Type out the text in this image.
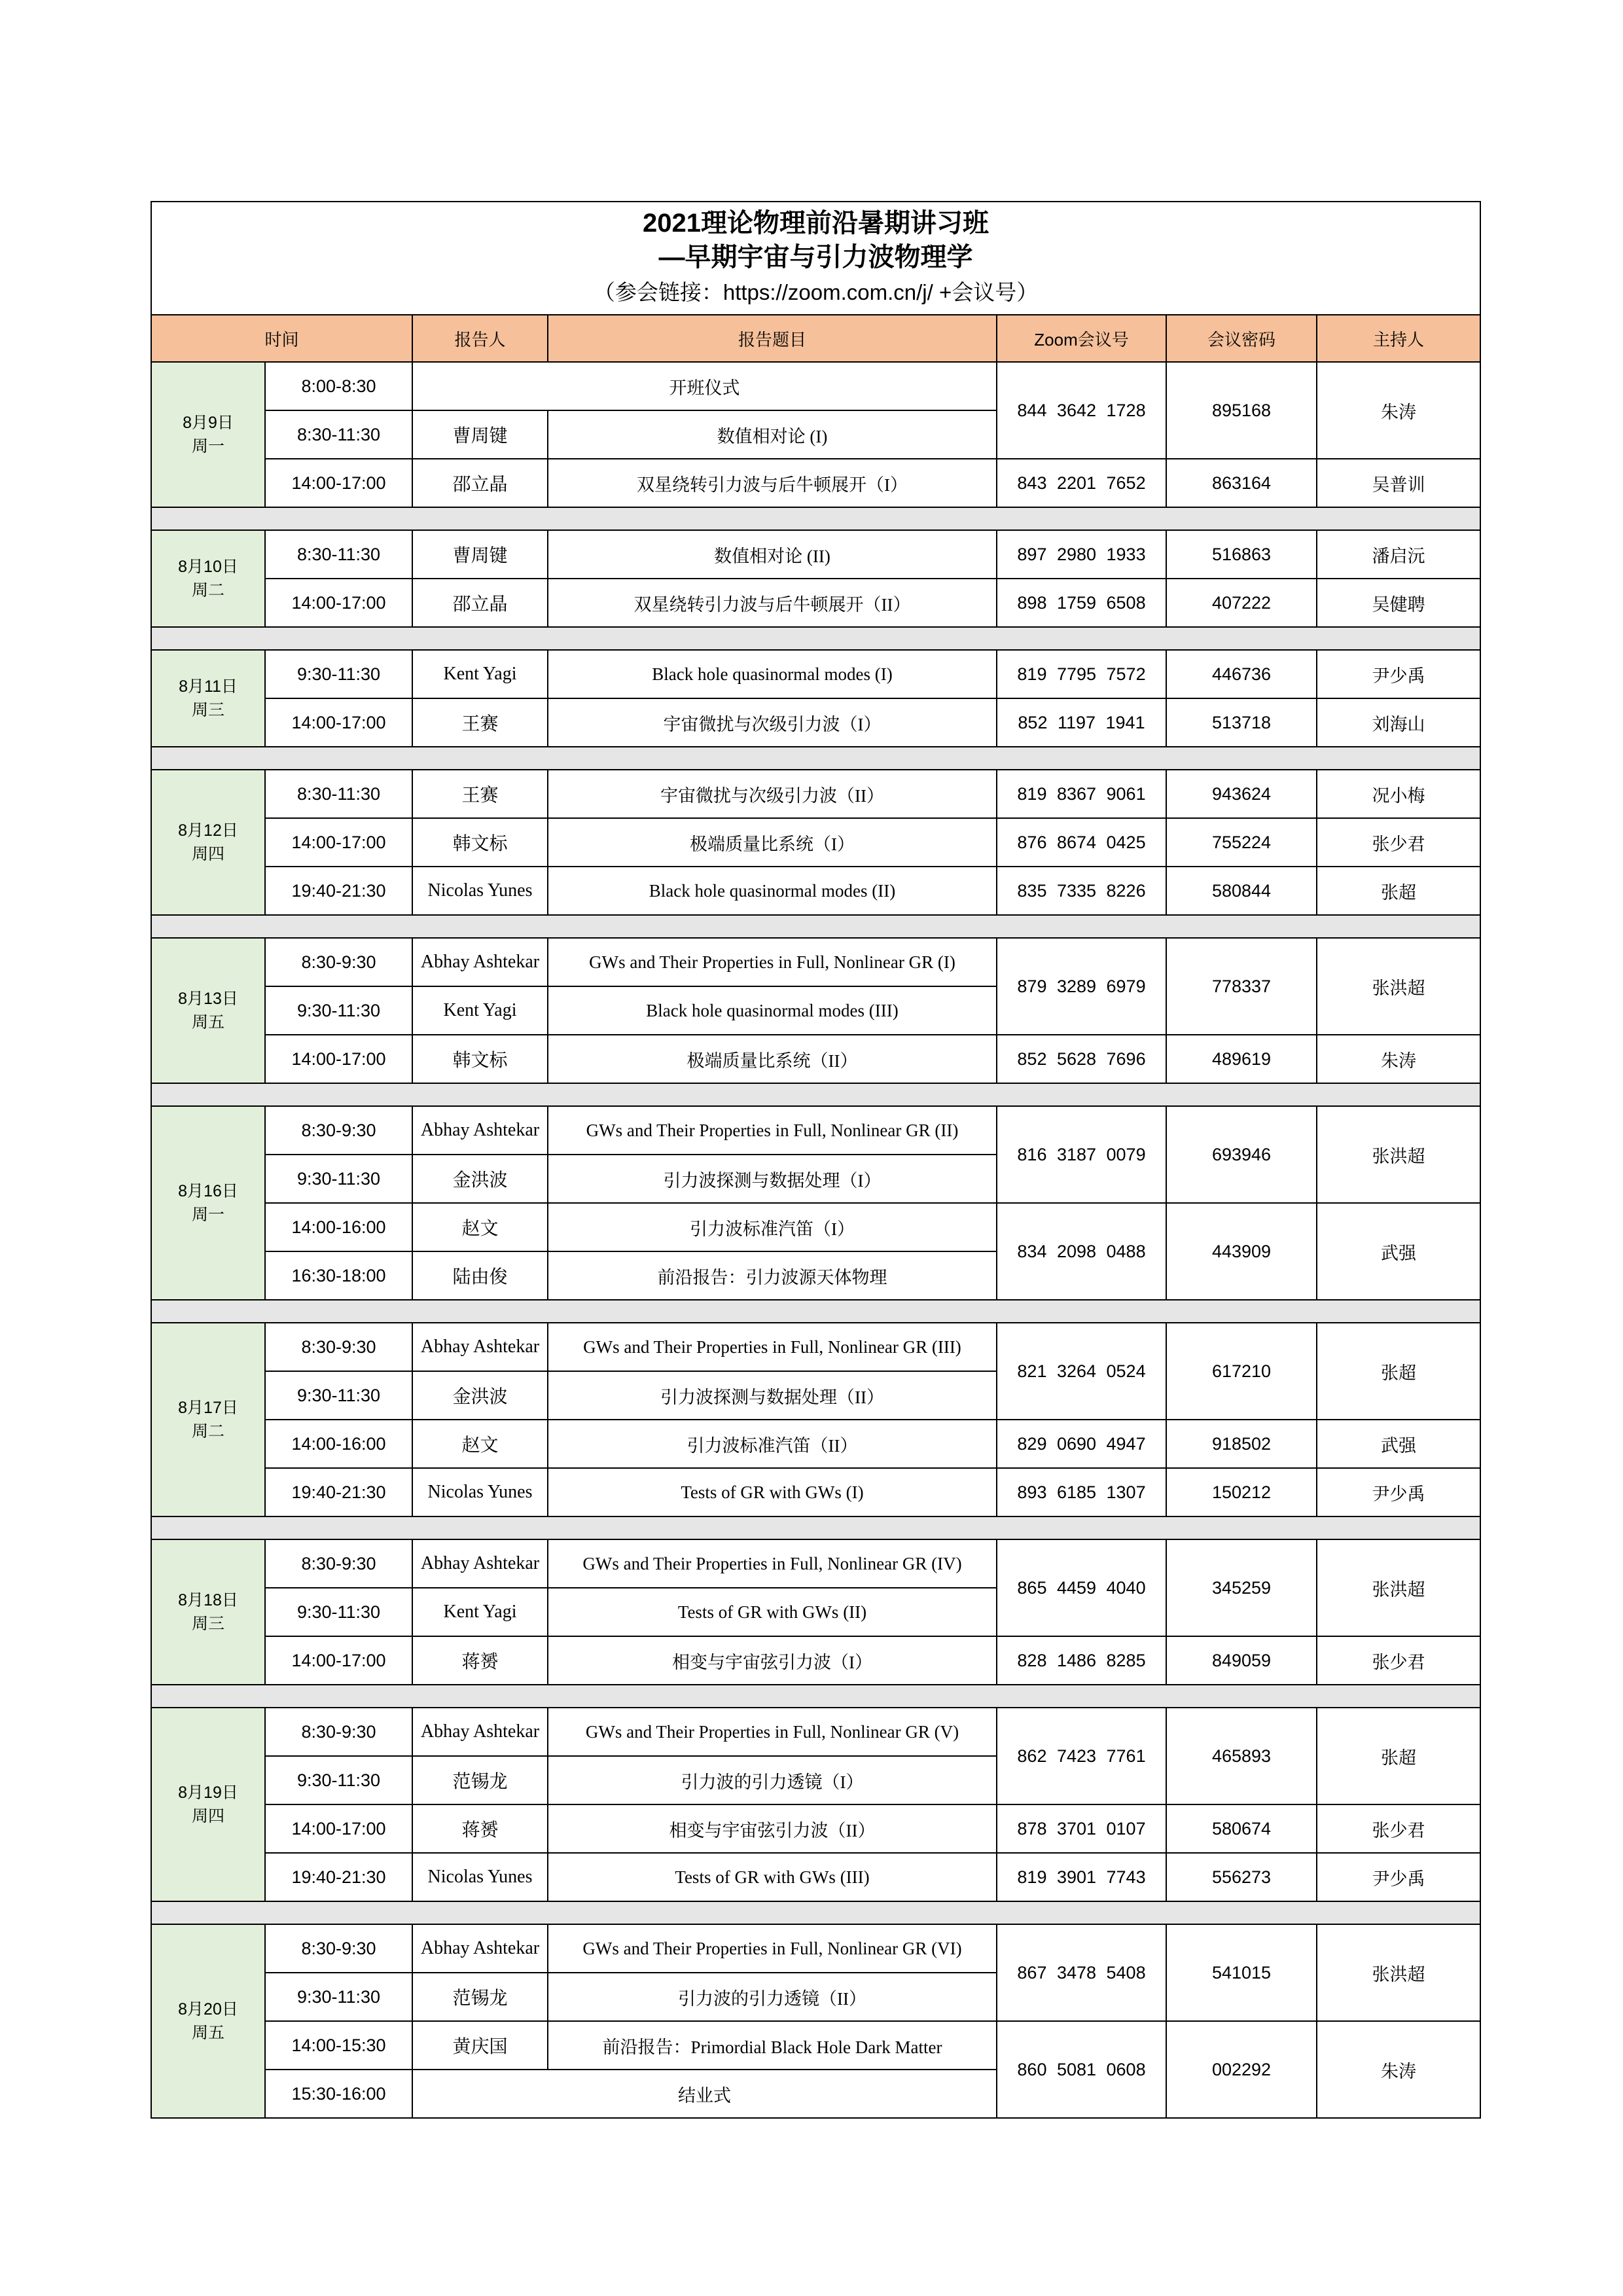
2021理论物理前沿暑期讲习班
—早期宇宙与引力波物理学
（参会链接：https://zoom.com.cn/j/ +会议号）						

时间		报告人	报告题目	Zoom会议号	会议密码	主持人

8月9日
周一	8:00-8:30	开班仪式		844 3642 1728	895168	朱涛
	8:30-11:30	曹周键	数值相对论 (I)			
	14:00-17:00	邵立晶	双星绕转引力波与后牛顿展开（I）	843 2201 7652	863164	吴普训

8月10日
周二	8:30-11:30	曹周键	数值相对论 (II)	897 2980 1933	516863	潘启沅
	14:00-17:00	邵立晶	双星绕转引力波与后牛顿展开（II）	898 1759 6508	407222	吴健聘

8月11日
周三	9:30-11:30	Kent Yagi	Black hole quasinormal modes (I)	819 7795 7572	446736	尹少禹
	14:00-17:00	王赛	宇宙微扰与次级引力波（I）	852 1197 1941	513718	刘海山

8月12日
周四	8:30-11:30	王赛	宇宙微扰与次级引力波（II）	819 8367 9061	943624	况小梅
	14:00-17:00	韩文标	极端质量比系统（I）	876 8674 0425	755224	张少君
	19:40-21:30	Nicolas Yunes	Black hole quasinormal modes (II)	835 7335 8226	580844	张超

8月13日
周五	8:30-9:30	Abhay Ashtekar	GWs and Their Properties in Full, Nonlinear GR (I)	879 3289 6979	778337	张洪超
	9:30-11:30	Kent Yagi	Black hole quasinormal modes (III)			
	14:00-17:00	韩文标	极端质量比系统（II）	852 5628 7696	489619	朱涛

8月16日
周一	8:30-9:30	Abhay Ashtekar	GWs and Their Properties in Full, Nonlinear GR (II)	816 3187 0079	693946	张洪超
	9:30-11:30	金洪波	引力波探测与数据处理（I）			
	14:00-16:00	赵文	引力波标准汽笛（I）	834 2098 0488	443909	武强
	16:30-18:00	陆由俊	前沿报告：引力波源天体物理			

8月17日
周二	8:30-9:30	Abhay Ashtekar	GWs and Their Properties in Full, Nonlinear GR (III)	821 3264 0524	617210	张超
	9:30-11:30	金洪波	引力波探测与数据处理（II）			
	14:00-16:00	赵文	引力波标准汽笛（II）	829 0690 4947	918502	武强
	19:40-21:30	Nicolas Yunes	Tests of GR with GWs (I)	893 6185 1307	150212	尹少禹

8月18日
周三	8:30-9:30	Abhay Ashtekar	GWs and Their Properties in Full, Nonlinear GR (IV)	865 4459 4040	345259	张洪超
	9:30-11:30	Kent Yagi	Tests of GR with GWs (II)			
	14:00-17:00	蒋赟	相变与宇宙弦引力波（I）	828 1486 8285	849059	张少君

8月19日
周四	8:30-9:30	Abhay Ashtekar	GWs and Their Properties in Full, Nonlinear GR (V)	862 7423 7761	465893	张超
	9:30-11:30	范锡龙	引力波的引力透镜（I）			
	14:00-17:00	蒋赟	相变与宇宙弦引力波（II）	878 3701 0107	580674	张少君
	19:40-21:30	Nicolas Yunes	Tests of GR with GWs (III)	819 3901 7743	556273	尹少禹

8月20日
周五	8:30-9:30	Abhay Ashtekar	GWs and Their Properties in Full, Nonlinear GR (VI)	867 3478 5408	541015	张洪超
	9:30-11:30	范锡龙	引力波的引力透镜（II）			
	14:00-15:30	黄庆国	前沿报告：Primordial Black Hole Dark Matter	860 5081 0608	002292	朱涛
	15:30-16:00	结业式				
